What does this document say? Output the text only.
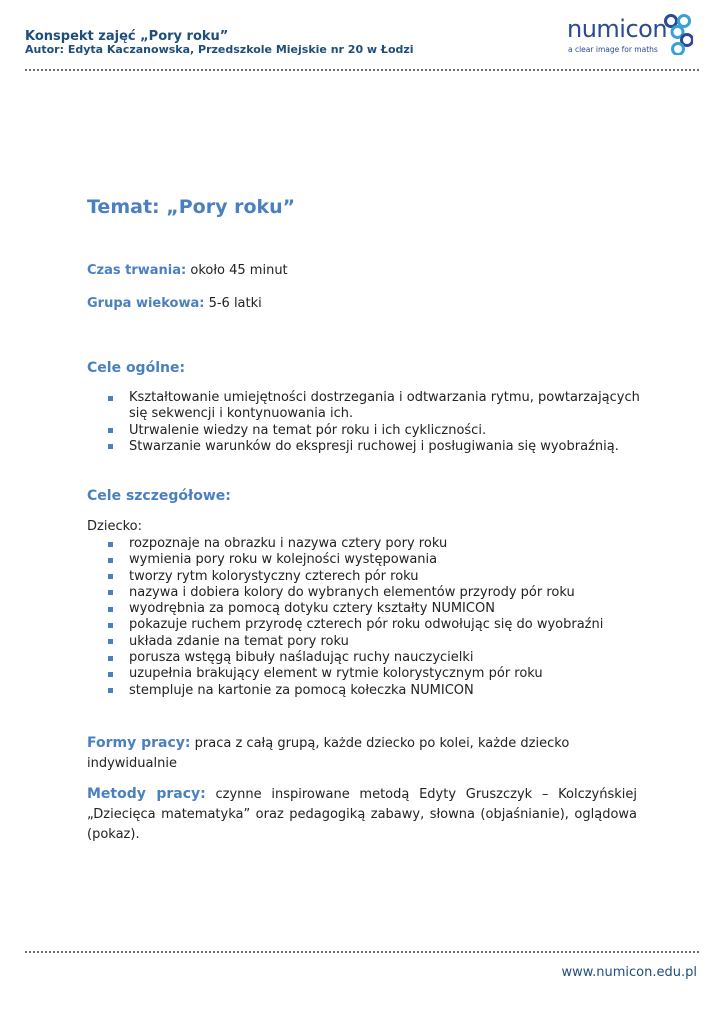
Konspekt zajęć „Pory roku”
Autor: Edyta Kaczanowska, Przedszkole Miejskie nr 20 w Łodzi
numicon
a clear image for maths
Temat: „Pory roku”
Czas trwania: około 45 minut
Grupa wiekowa: 5-6 latki
Cele ogólne:
Kształtowanie umiejętności dostrzegania i odtwarzania rytmu, powtarzających się sekwencji i kontynuowania ich.
Utrwalenie wiedzy na temat pór roku i ich cykliczności.
Stwarzanie warunków do ekspresji ruchowej i posługiwania się wyobraźnią.
Cele szczegółowe:
Dziecko:
rozpoznaje na obrazku i nazywa cztery pory roku
wymienia pory roku w kolejności występowania
tworzy rytm kolorystyczny czterech pór roku
nazywa i dobiera kolory do wybranych elementów przyrody pór roku
wyodrębnia za pomocą dotyku cztery kształty NUMICON
pokazuje ruchem przyrodę czterech pór roku odwołując się do wyobraźni
układa zdanie na temat pory roku
porusza wstęgą bibuły naśladując ruchy nauczycielki
uzupełnia brakujący element w rytmie kolorystycznym pór roku
stempluje na kartonie za pomocą kołeczka NUMICON
Formy pracy: praca z całą grupą, każde dziecko po kolei, każde dziecko indywidualnie
Metody pracy: czynne inspirowane metodą Edyty Gruszczyk – Kolczyńskiej „Dziecięca matematyka” oraz pedagogiką zabawy, słowna (objaśnianie), oglądowa (pokaz).
www.numicon.edu.pl
